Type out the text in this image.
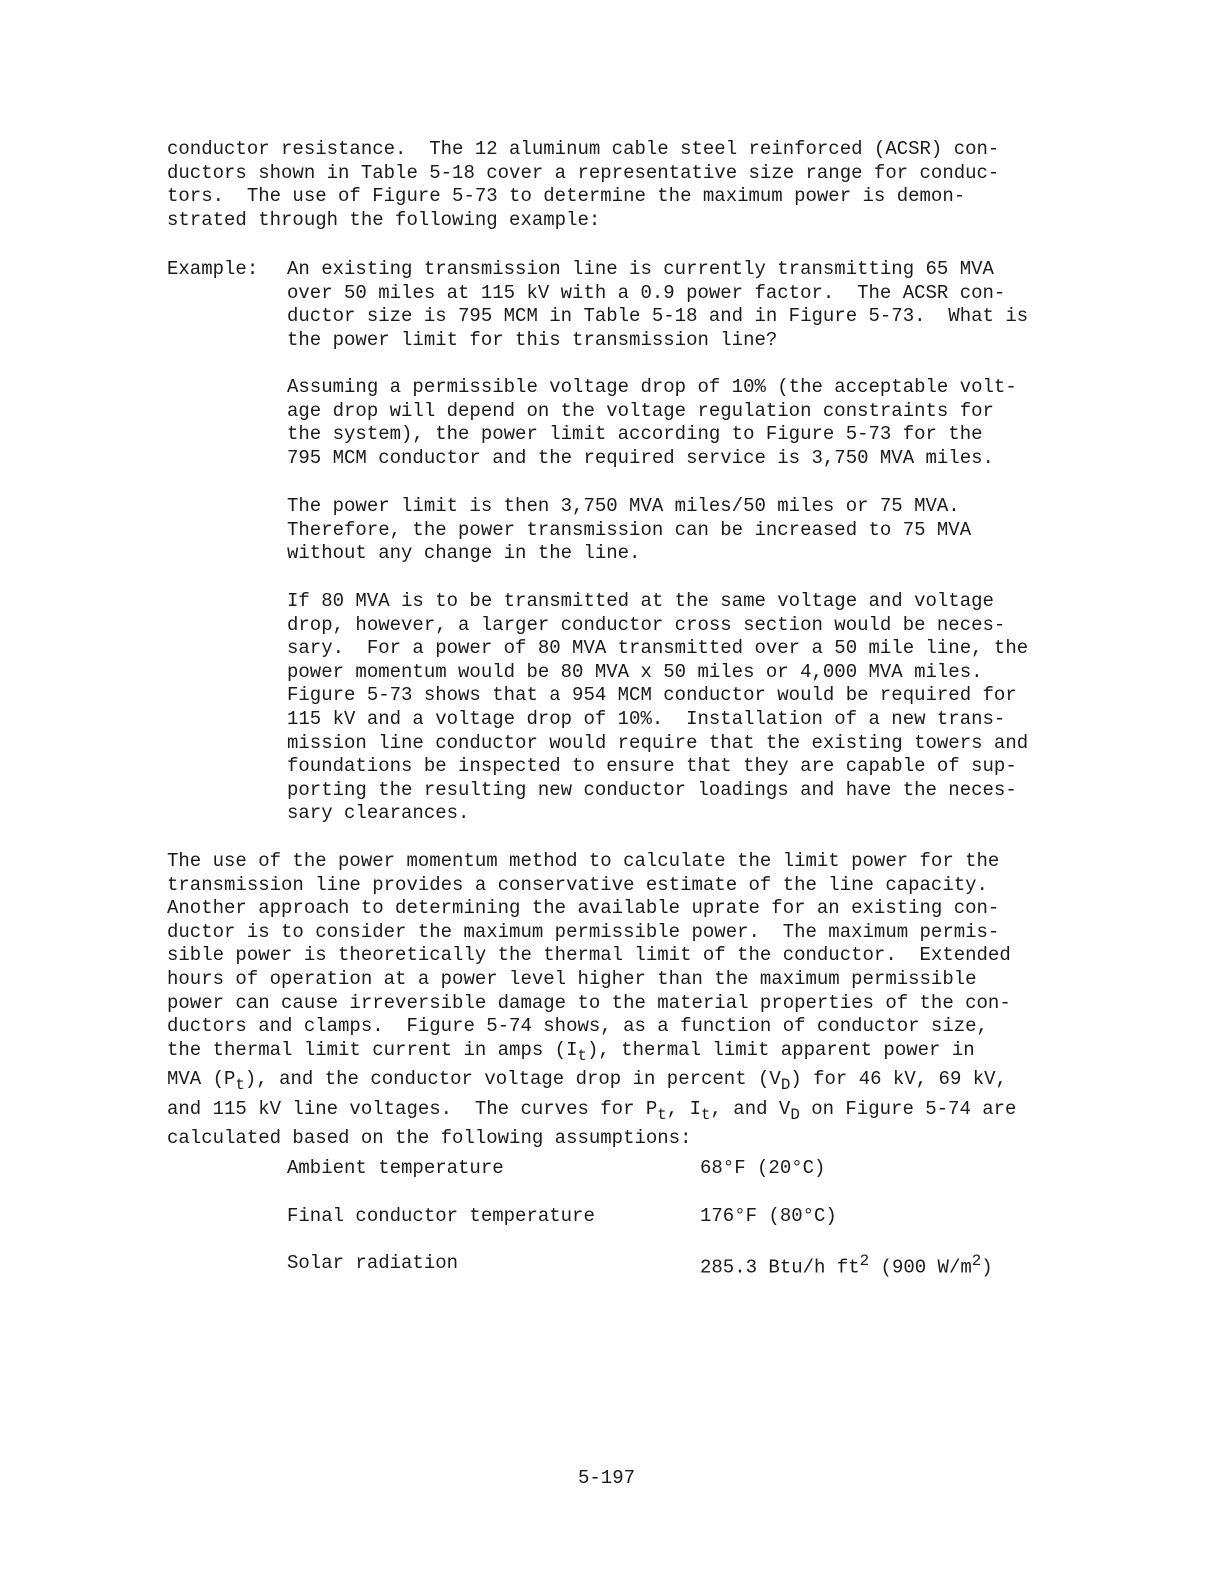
conductor resistance.  The 12 aluminum cable steel reinforced (ACSR) con-
ductors shown in Table 5-18 cover a representative size range for conduc-
tors.  The use of Figure 5-73 to determine the maximum power is demon-
strated through the following example:
Example: An existing transmission line is currently transmitting 65 MVA
over 50 miles at 115 kV with a 0.9 power factor.  The ACSR con-
ductor size is 795 MCM in Table 5-18 and in Figure 5-73.  What is
the power limit for this transmission line?
Assuming a permissible voltage drop of 10% (the acceptable volt-
age drop will depend on the voltage regulation constraints for
the system), the power limit according to Figure 5-73 for the
795 MCM conductor and the required service is 3,750 MVA miles.
The power limit is then 3,750 MVA miles/50 miles or 75 MVA.
Therefore, the power transmission can be increased to 75 MVA
without any change in the line.
If 80 MVA is to be transmitted at the same voltage and voltage
drop, however, a larger conductor cross section would be neces-
sary.  For a power of 80 MVA transmitted over a 50 mile line, the
power momentum would be 80 MVA x 50 miles or 4,000 MVA miles.
Figure 5-73 shows that a 954 MCM conductor would be required for
115 kV and a voltage drop of 10%.  Installation of a new trans-
mission line conductor would require that the existing towers and
foundations be inspected to ensure that they are capable of sup-
porting the resulting new conductor loadings and have the neces-
sary clearances.
The use of the power momentum method to calculate the limit power for the
transmission line provides a conservative estimate of the line capacity.
Another approach to determining the available uprate for an existing con-
ductor is to consider the maximum permissible power.  The maximum permis-
sible power is theoretically the thermal limit of the conductor.  Extended
hours of operation at a power level higher than the maximum permissible
power can cause irreversible damage to the material properties of the con-
ductors and clamps.  Figure 5-74 shows, as a function of conductor size,
the thermal limit current in amps $(I_t)$, thermal limit apparent power in
MVA $(P_t)$, and the conductor voltage drop in percent $(V_D)$ for 46 kV, 69 kV,
and 115 kV line voltages.  The curves for $P_t$, $I_t$, and $V_D$ on Figure 5-74 are
calculated based on the following assumptions:
Ambient temperature	68°F (20°C)
Final conductor temperature	176°F (80°C)
Solar radiation	285.3 Btu/h $ft^2$ (900 $W/m^2$)
5-197
